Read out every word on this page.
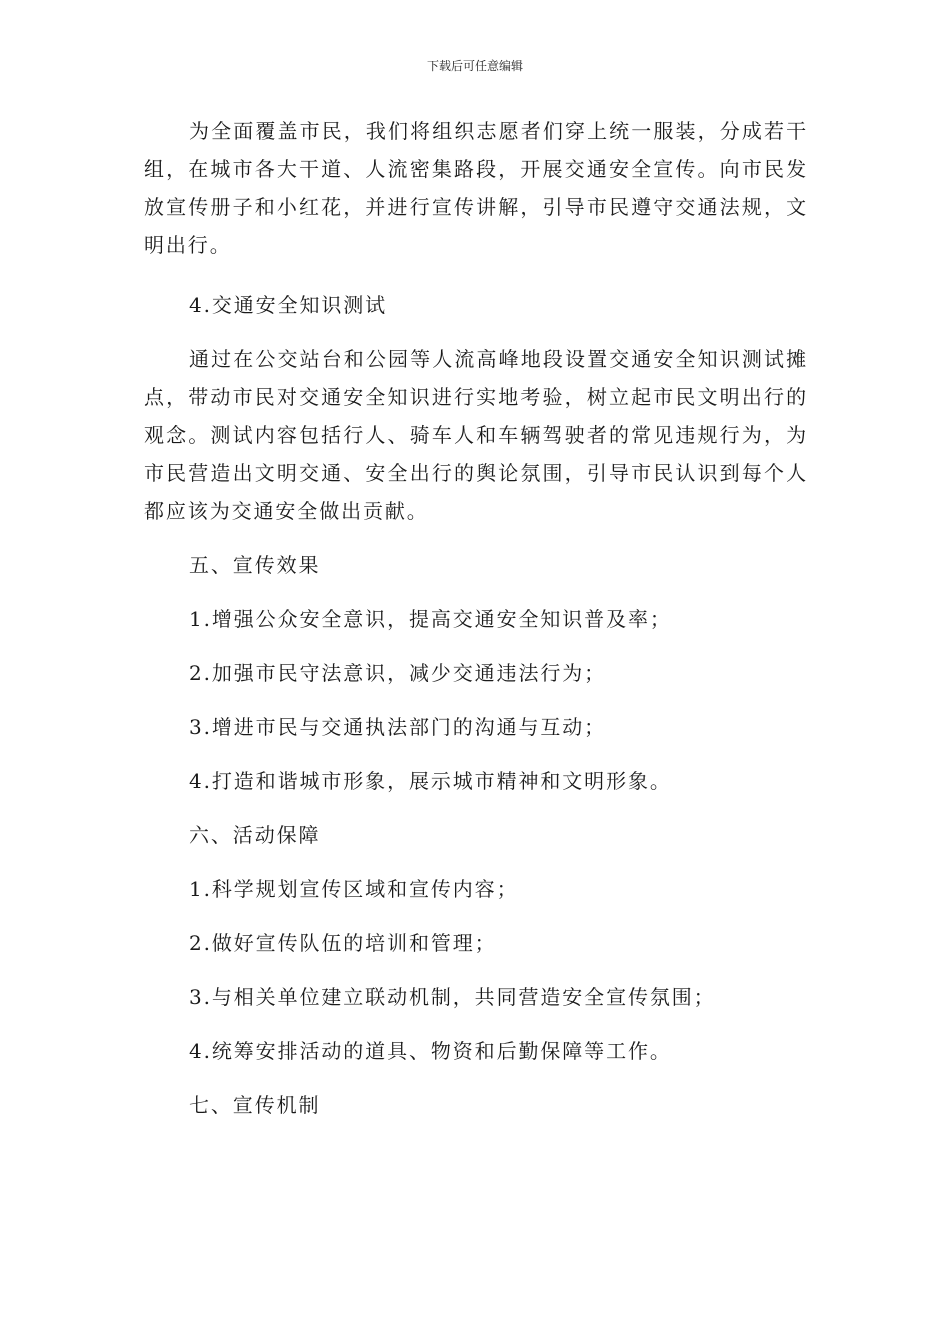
下载后可任意编辑

为全面覆盖市民，我们将组织志愿者们穿上统一服装，分成若干组，在城市各大干道、人流密集路段，开展交通安全宣传。向市民发放宣传册子和小红花，并进行宣传讲解，引导市民遵守交通法规，文明出行。

4.交通安全知识测试

通过在公交站台和公园等人流高峰地段设置交通安全知识测试摊点，带动市民对交通安全知识进行实地考验，树立起市民文明出行的观念。测试内容包括行人、骑车人和车辆驾驶者的常见违规行为，为市民营造出文明交通、安全出行的舆论氛围，引导市民认识到每个人都应该为交通安全做出贡献。

五、宣传效果

1.增强公众安全意识，提高交通安全知识普及率；

2.加强市民守法意识，减少交通违法行为；

3.增进市民与交通执法部门的沟通与互动；

4.打造和谐城市形象，展示城市精神和文明形象。

六、活动保障

1.科学规划宣传区域和宣传内容；

2.做好宣传队伍的培训和管理；

3.与相关单位建立联动机制，共同营造安全宣传氛围；

4.统筹安排活动的道具、物资和后勤保障等工作。

七、宣传机制
